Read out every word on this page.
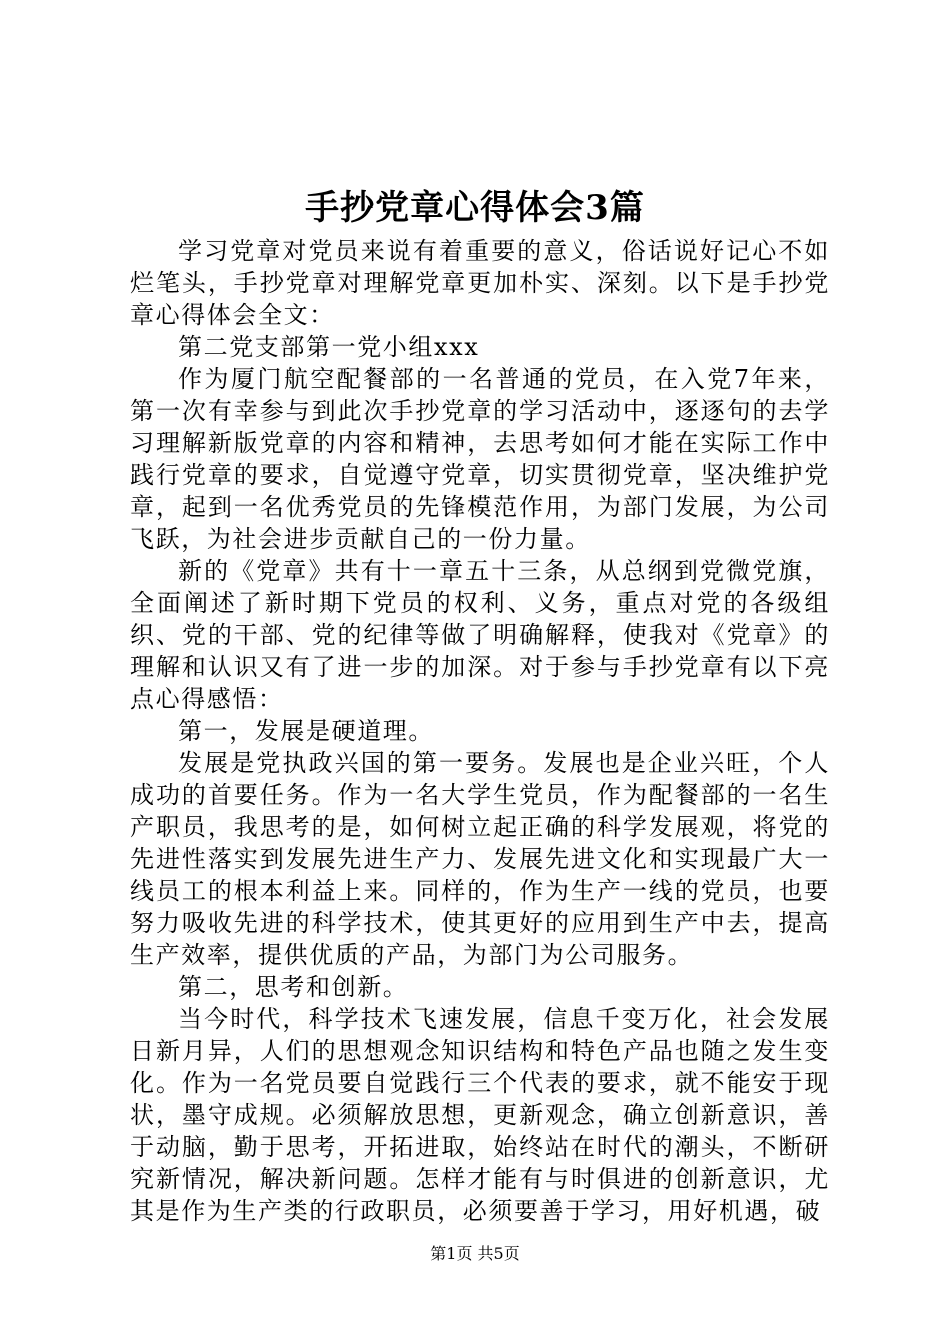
手抄党章心得体会3篇

学习党章对党员来说有着重要的意义，俗话说好记心不如烂笔头，手抄党章对理解党章更加朴实、深刻。以下是手抄党章心得体会全文：

第二党支部第一党小组xxx

作为厦门航空配餐部的一名普通的党员，在入党7年来，第一次有幸参与到此次手抄党章的学习活动中，逐逐句的去学习理解新版党章的内容和精神，去思考如何才能在实际工作中践行党章的要求，自觉遵守党章，切实贯彻党章，坚决维护党章，起到一名优秀党员的先锋模范作用，为部门发展，为公司飞跃，为社会进步贡献自己的一份力量。

新的《党章》共有十一章五十三条，从总纲到党微党旗，全面阐述了新时期下党员的权利、义务，重点对党的各级组织、党的干部、党的纪律等做了明确解释，使我对《党章》的理解和认识又有了进一步的加深。对于参与手抄党章有以下亮点心得感悟：

第一，发展是硬道理。

发展是党执政兴国的第一要务。发展也是企业兴旺，个人成功的首要任务。作为一名大学生党员，作为配餐部的一名生产职员，我思考的是，如何树立起正确的科学发展观，将党的先进性落实到发展先进生产力、发展先进文化和实现最广大一线员工的根本利益上来。同样的，作为生产一线的党员，也要努力吸收先进的科学技术，使其更好的应用到生产中去，提高生产效率，提供优质的产品，为部门为公司服务。

第二，思考和创新。

当今时代，科学技术飞速发展，信息千变万化，社会发展日新月异，人们的思想观念知识结构和特色产品也随之发生变化。作为一名党员要自觉践行三个代表的要求，就不能安于现状，墨守成规。必须解放思想，更新观念，确立创新意识，善于动脑，勤于思考，开拓进取，始终站在时代的潮头，不断研究新情况，解决新问题。怎样才能有与时俱进的创新意识，尤其是作为生产类的行政职员，必须要善于学习，用好机遇，破

第1页 共5页
